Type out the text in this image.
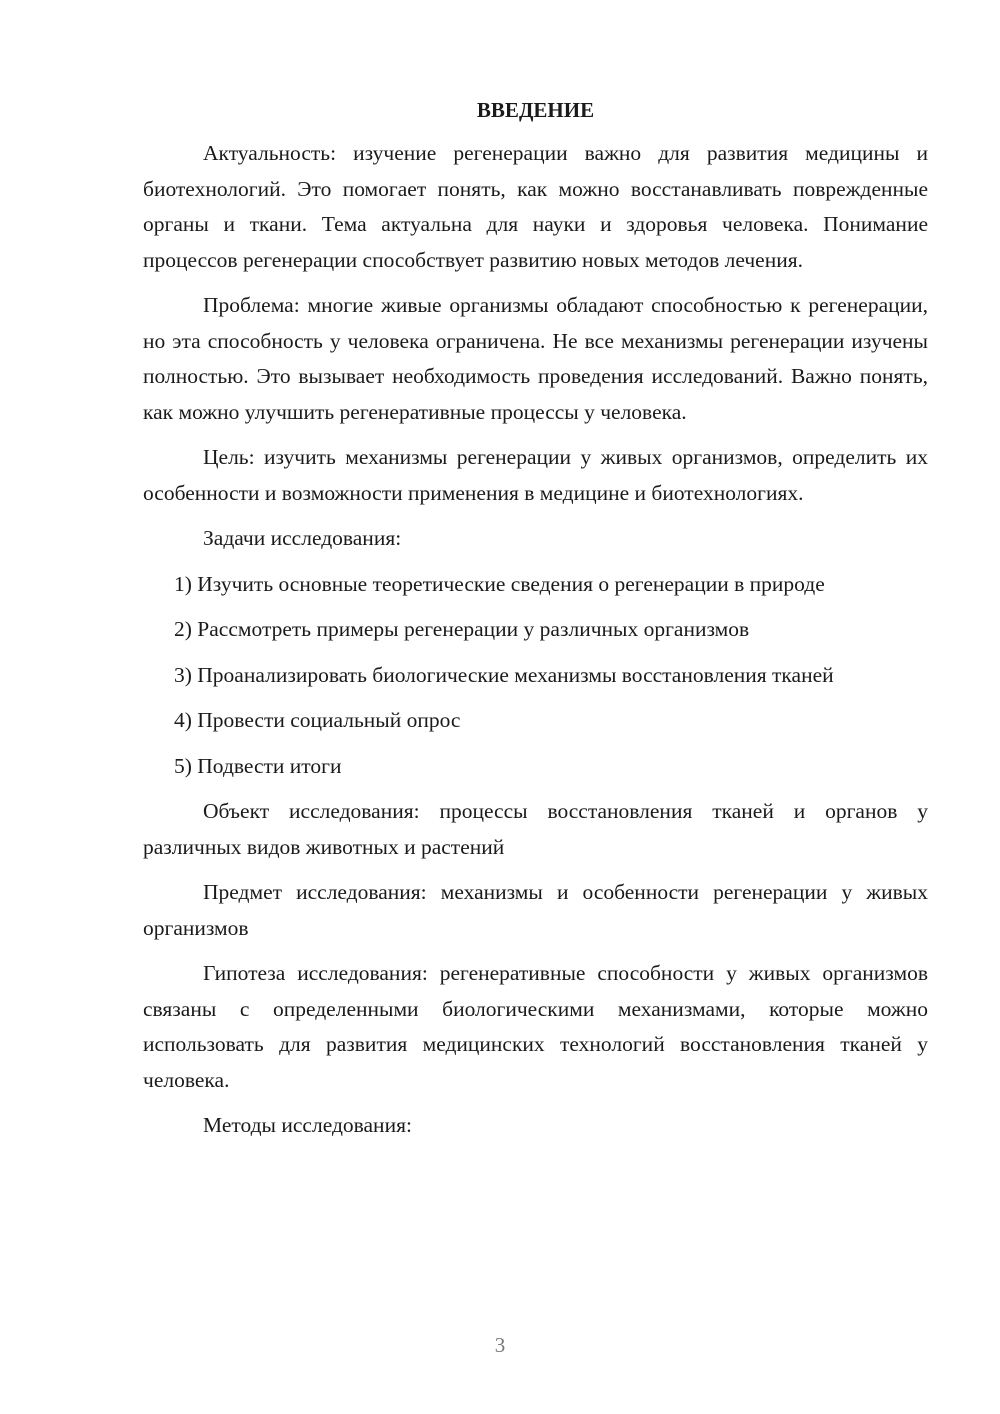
ВВЕДЕНИЕ

Актуальность: изучение регенерации важно для развития медицины и биотехнологий. Это помогает понять, как можно восстанавливать поврежденные органы и ткани. Тема актуальна для науки и здоровья человека. Понимание процессов регенерации способствует развитию новых методов лечения.

Проблема: многие живые организмы обладают способностью к регенерации, но эта способность у человека ограничена. Не все механизмы регенерации изучены полностью. Это вызывает необходимость проведения исследований. Важно понять, как можно улучшить регенеративные процессы у человека.

Цель: изучить механизмы регенерации у живых организмов, определить их особенности и возможности применения в медицине и биотехнологиях.

Задачи исследования:

1) Изучить основные теоретические сведения о регенерации в природе

2) Рассмотреть примеры регенерации у различных организмов

3) Проанализировать биологические механизмы восстановления тканей

4) Провести социальный опрос

5) Подвести итоги

Объект исследования: процессы восстановления тканей и органов у различных видов животных и растений

Предмет исследования: механизмы и особенности регенерации у живых организмов

Гипотеза исследования: регенеративные способности у живых организмов связаны с определенными биологическими механизмами, которые можно использовать для развития медицинских технологий восстановления тканей у человека.

Методы исследования:

3
